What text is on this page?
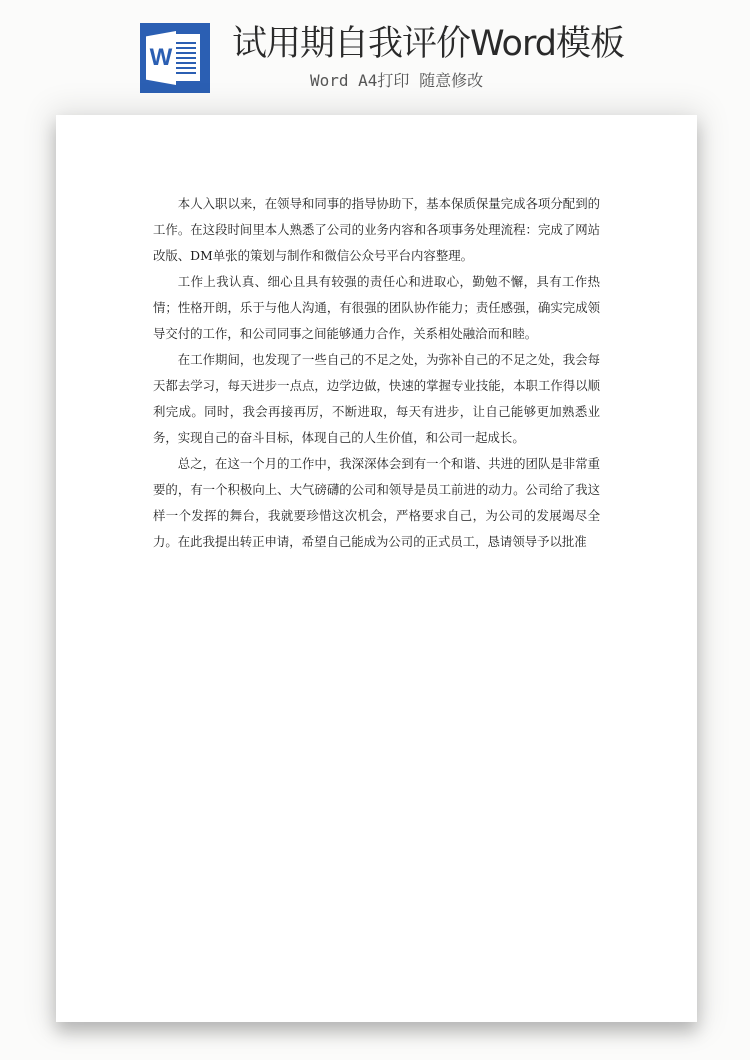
W 试用期自我评价Word模板
Word A4打印 随意修改

本人入职以来，在领导和同事的指导协助下，基本保质保量完成各项分配到的工作。在这段时间里本人熟悉了公司的业务内容和各项事务处理流程：完成了网站改版、DM单张的策划与制作和微信公众号平台内容整理。

工作上我认真、细心且具有较强的责任心和进取心，勤勉不懈，具有工作热情；性格开朗，乐于与他人沟通，有很强的团队协作能力；责任感强，确实完成领导交付的工作，和公司同事之间能够通力合作，关系相处融洽而和睦。

在工作期间，也发现了一些自己的不足之处，为弥补自己的不足之处，我会每天都去学习，每天进步一点点，边学边做，快速的掌握专业技能，本职工作得以顺利完成。同时，我会再接再厉，不断进取，每天有进步，让自己能够更加熟悉业务，实现自己的奋斗目标，体现自己的人生价值，和公司一起成长。

总之，在这一个月的工作中，我深深体会到有一个和谐、共进的团队是非常重要的，有一个积极向上、大气磅礴的公司和领导是员工前进的动力。公司给了我这样一个发挥的舞台，我就要珍惜这次机会，严格要求自己，为公司的发展竭尽全力。在此我提出转正申请，希望自己能成为公司的正式员工，恳请领导予以批准
